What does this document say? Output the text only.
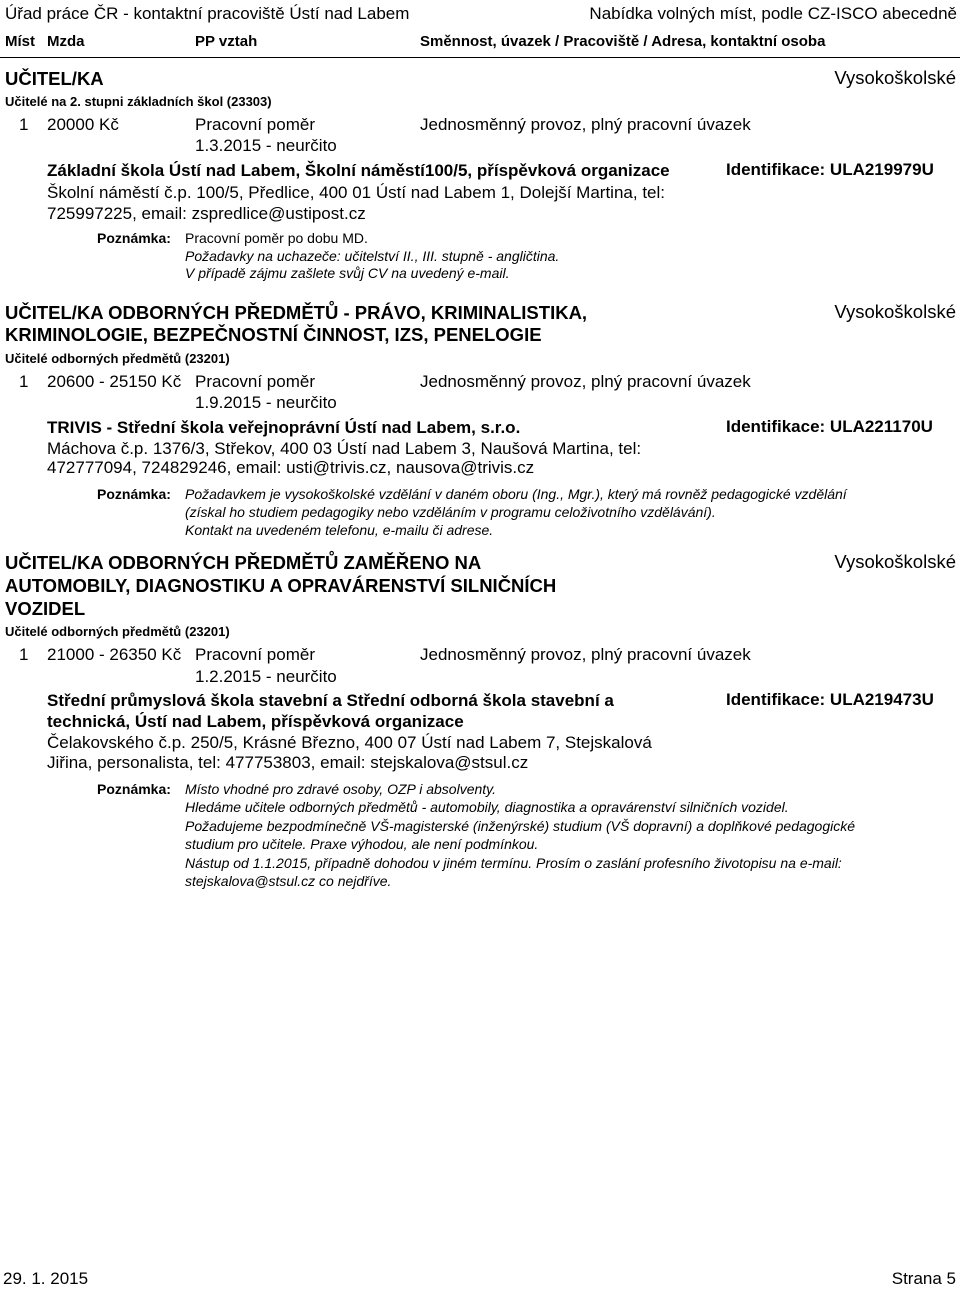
Úřad práce ČR - kontaktní pracoviště Ústí nad Labem	Nabídka volných míst, podle CZ-ISCO abecedně
Míst Mzda	PP vztah	Směnnost, úvazek / Pracoviště / Adresa, kontaktní osoba
UČITEL/KA	Vysokoškolské
Učitelé na 2. stupni základních škol (23303)
1 20000 Kč	Pracovní poměr	Jednosměnný provoz, plný pracovní úvazek
1.3.2015 - neurčito
Základní škola Ústí nad Labem, Školní náměstí100/5, příspěvková organizace	Identifikace: ULA219979U
Školní náměstí č.p. 100/5, Předlice, 400 01 Ústí nad Labem 1, Dolejší Martina, tel:
725997225, email: zspredlice@ustipost.cz
Poznámka: Pracovní poměr po dobu MD.
Požadavky na uchazeče: učitelství II., III. stupně - angličtina.
V případě zájmu zašlete svůj CV na uvedený e-mail.
UČITEL/KA ODBORNÝCH PŘEDMĚTŮ - PRÁVO, KRIMINALISTIKA,
KRIMINOLOGIE, BEZPEČNOSTNÍ ČINNOST, IZS, PENELOGIE
Vysokoškolské
Učitelé odborných předmětů (23201)
1 20600 - 25150 Kč Pracovní poměr	Jednosměnný provoz, plný pracovní úvazek
1.9.2015 - neurčito
TRIVIS - Střední škola veřejnoprávní Ústí nad Labem, s.r.o.	Identifikace: ULA221170U
Máchova č.p. 1376/3, Střekov, 400 03 Ústí nad Labem 3, Naušová Martina, tel:
472777094, 724829246, email: usti@trivis.cz, nausova@trivis.cz
Poznámka: Požadavkem je vysokoškolské vzdělání v daném oboru (Ing., Mgr.), který má rovněž pedagogické vzdělání
(získal ho studiem pedagogiky nebo vzděláním v programu celoživotního vzdělávání).
Kontakt na uvedeném telefonu, e-mailu či adrese.
UČITEL/KA ODBORNÝCH PŘEDMĚTŮ ZAMĚŘENO NA
AUTOMOBILY, DIAGNOSTIKU A OPRAVÁRENSTVÍ SILNIČNÍCH
VOZIDEL
Vysokoškolské
Učitelé odborných předmětů (23201)
1 21000 - 26350 Kč Pracovní poměr	Jednosměnný provoz, plný pracovní úvazek
1.2.2015 - neurčito
Střední průmyslová škola stavební a Střední odborná škola stavební a
technická, Ústí nad Labem, příspěvková organizace
Identifikace: ULA219473U
Čelakovského č.p. 250/5, Krásné Březno, 400 07 Ústí nad Labem 7, Stejskalová
Jiřina, personalista, tel: 477753803, email: stejskalova@stsul.cz
Poznámka: Místo vhodné pro zdravé osoby, OZP i absolventy.
Hledáme učitele odborných předmětů - automobily, diagnostika a opravárenství silničních vozidel.
Požadujeme bezpodmínečně VŠ-magisterské (inženýrské) studium (VŠ dopravní) a doplňkové pedagogické
studium pro učitele. Praxe výhodou, ale není podmínkou.
Nástup od 1.1.2015, případně dohodou v jiném termínu. Prosím o zaslání profesního životopisu na e-mail:
stejskalova@stsul.cz co nejdříve.
29. 1. 2015	Strana 5
